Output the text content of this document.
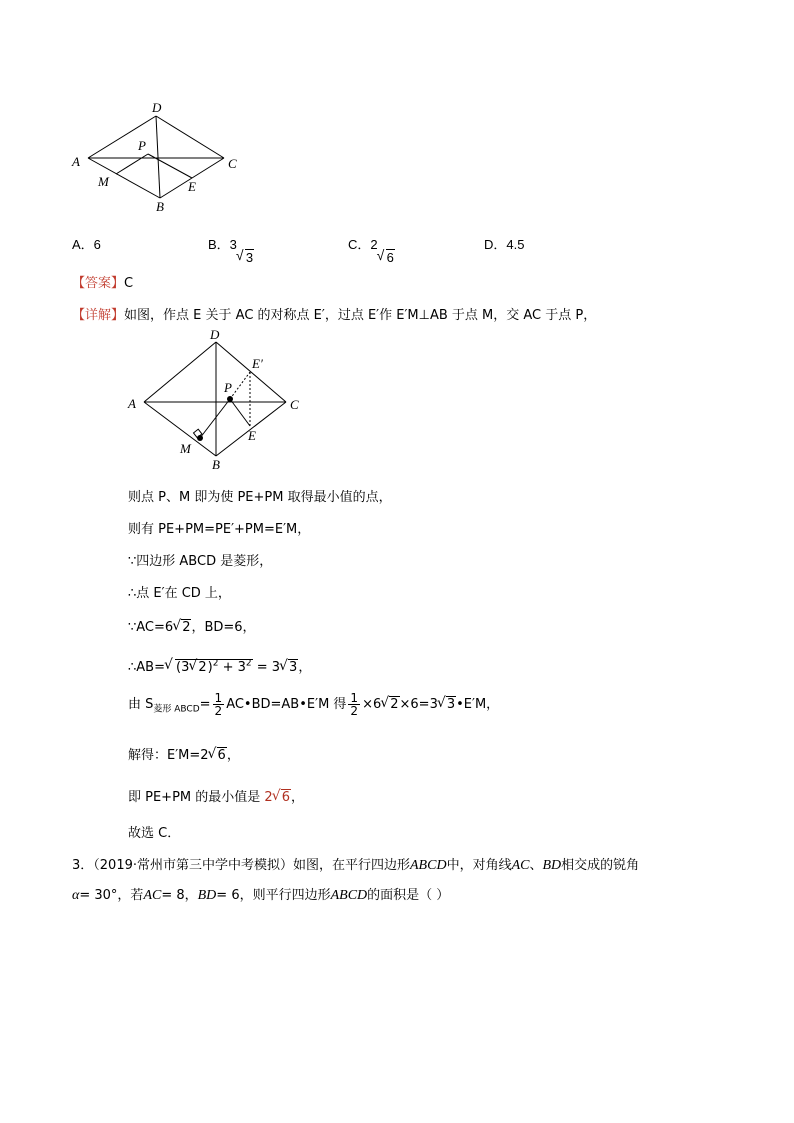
A
D
C
B
P
M	E
A．6	B．3
3
C．2
6
D．4.5
【答案】C
【详解】如图，作点 E 关于 AC 的对称点 E′，过点 E′作 E′M⊥AB 于点 M，交 AC 于点 P，
A
D
C
B
P
M
E
E′
则点 P、M 即为使 PE+PM 取得最小值的点，
则有 PE+PM=PE′+PM=E′M，
∵四边形 ABCD 是菱形，
∴点 E′在 CD 上，
∵AC=6√ 2，BD=6，
∴AB=√ (3√ $2)^2 + 3^2 = 3√$ 3，
由 $S_{菱形 ABCD}= \frac{1}{2}$ AC•BD=AB•E′M 得 $\frac{1}{2} \times 6√$ 2×6=3√ 3•E′M，
解得：E′M=2√ 6，
即 PE+PM 的最小值是 2√ 6，
故选 C．
3．（2019·常州市第三中学中考模拟）如图，在平行四边形ABCD中，对角线AC、BD相交成的锐角
α= 30°，若AC= 8，BD= 6，则平行四边形ABCD的面积是（ ）
